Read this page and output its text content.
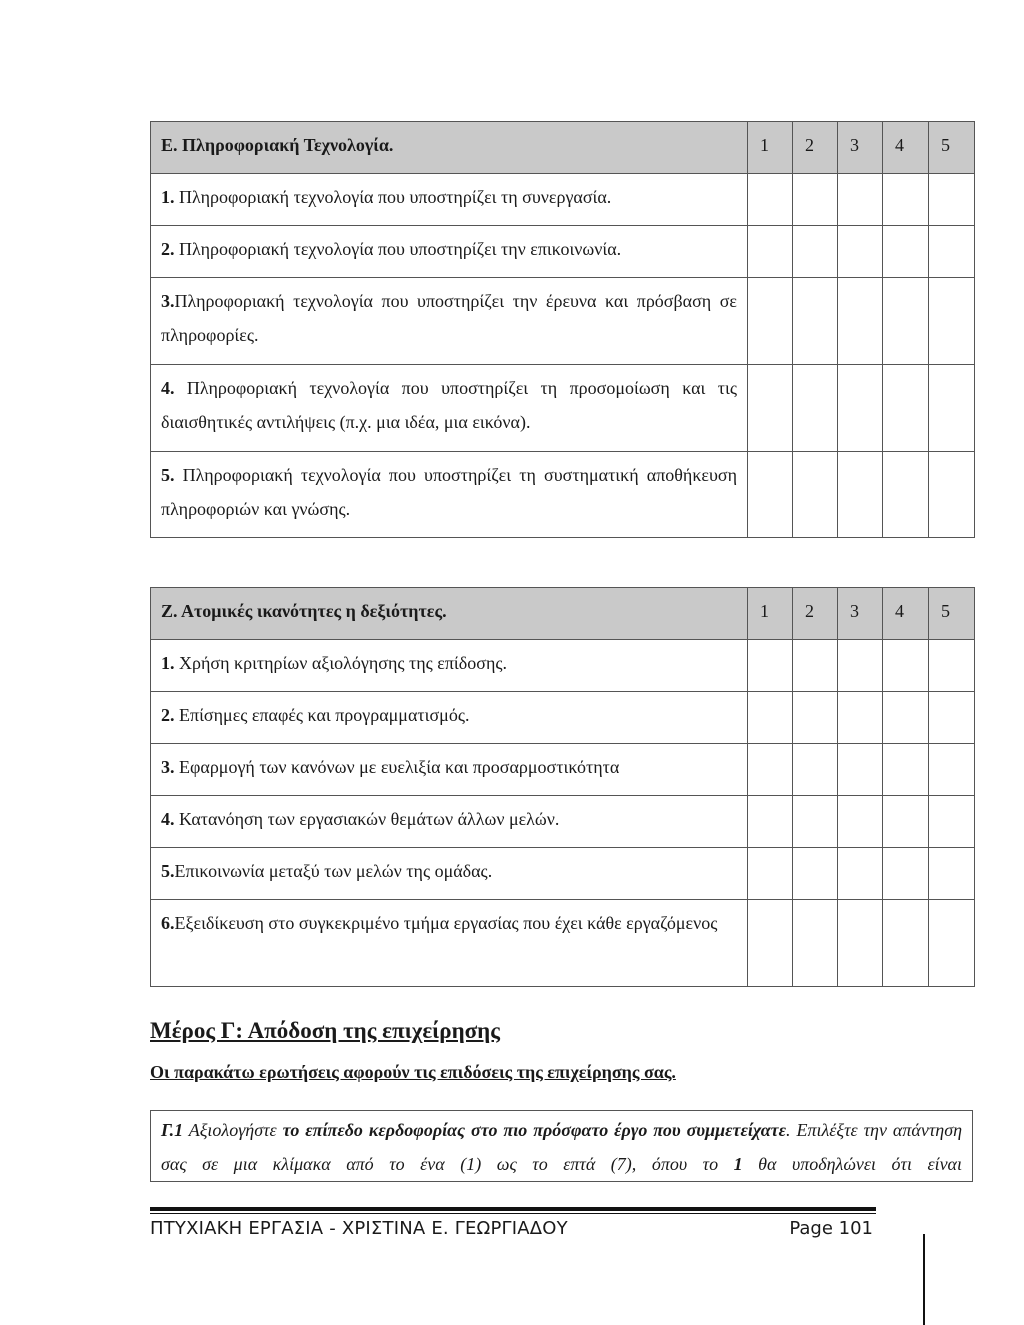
Ε. Πληροφοριακή Τεχνολογία.	1	2	3	4	5
1. Πληροφοριακή τεχνολογία που υποστηρίζει τη συνεργασία.					
2. Πληροφοριακή τεχνολογία που υποστηρίζει την επικοινωνία.					
3.Πληροφοριακή τεχνολογία που υποστηρίζει την έρευνα και πρόσβαση σε πληροφορίες.					
4. Πληροφοριακή τεχνολογία που υποστηρίζει τη προσομοίωση και τις διαισθητικές αντιλήψεις (π.χ. μια ιδέα, μια εικόνα).					
5. Πληροφοριακή τεχνολογία που υποστηρίζει τη συστηματική αποθήκευση πληροφοριών και γνώσης.					
Ζ. Ατομικές ικανότητες η δεξιότητες.	1	2	3	4	5
1. Χρήση κριτηρίων αξιολόγησης της επίδοσης.					
2. Επίσημες επαφές και προγραμματισμός.					
3. Εφαρμογή των κανόνων με ευελιξία και προσαρμοστικότητα					
4. Κατανόηση των εργασιακών θεμάτων άλλων μελών.					
5.Επικοινωνία μεταξύ των μελών της ομάδας.					
6.Εξειδίκευση στο συγκεκριμένο τμήμα εργασίας που έχει κάθε εργαζόμενος					
Μέρος Γ: Απόδοση της επιχείρησης
Οι παρακάτω ερωτήσεις αφορούν τις επιδόσεις της επιχείρησης σας.
Γ.1 Αξιολογήστε το επίπεδο κερδοφορίας στο πιο πρόσφατο έργο που συμμετείχατε. Επιλέξτε την απάντηση σας σε μια κλίμακα από το ένα (1) ως το επτά (7), όπου το 1 θα υποδηλώνει ότι είναι
ΠΤΥΧΙΑΚΗ ΕΡΓΑΣΙΑ - ΧΡΙΣΤΙΝΑ Ε. ΓΕΩΡΓΙΑΔΟΥ	Page 101
